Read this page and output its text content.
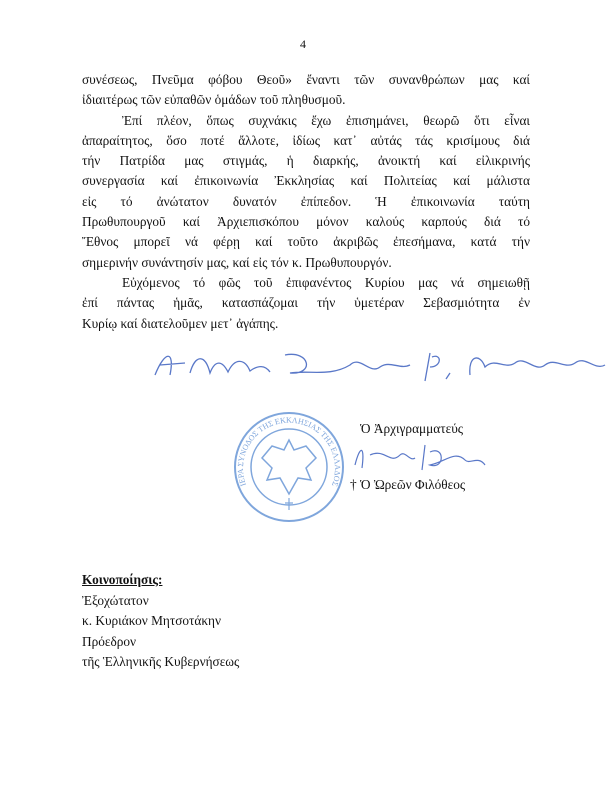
4
συνέσεως, Πνεῦμα φόβου Θεοῦ» ἔναντι τῶν συνανθρώπων μας καί
ἰδιαιτέρως τῶν εὐπαθῶν ὁμάδων τοῦ πληθυσμοῦ.
Ἐπί πλέον, ὅπως συχνάκις ἔχω ἐπισημάνει, θεωρῶ ὅτι εἶναι
ἀπαραίτητος, ὅσο ποτέ ἄλλοτε, ἰδίως κατ᾽ αὐτάς τάς κρισίμους διά
τήν Πατρίδα μας στιγμάς, ἡ διαρκής, ἀνοικτή καί εἰλικρινής
συνεργασία καί ἐπικοινωνία Ἐκκλησίας καί Πολιτείας καί μάλιστα
εἰς τό ἀνώτατον δυνατόν ἐπίπεδον. Ἡ ἐπικοινωνία ταύτη
Πρωθυπουργοῦ καί Ἀρχιεπισκόπου μόνον καλούς καρπούς διά τό
Ἔθνος μπορεῖ νά φέρῃ καί τοῦτο ἀκριβῶς ἐπεσήμανα, κατά τήν
σημερινήν συνάντησίν μας, καί εἰς τόν κ. Πρωθυπουργόν.
Εὐχόμενος τό φῶς τοῦ ἐπιφανέντος Κυρίου μας νά σημειωθῇ
ἐπί πάντας ἡμᾶς, κατασπάζομαι τήν ὑμετέραν Σεβασμιότητα ἐν
Κυρίῳ καί διατελοῦμεν μετ᾽ ἀγάπης.
ΙΕΡΑ ΣΥΝΟΔΟΣ ΤΗΣ ΕΚΚΛΗΣΙΑΣ ΤΗΣ ΕΛΛΑΔΟΣ
Ὁ Ἀρχιγραμματεύς
† Ὁ Ὠρεῶν Φιλόθεος
Κοινοποίησις:
Ἐξοχώτατον
κ. Κυριάκον Μητσοτάκην
Πρόεδρον
τῆς Ἑλληνικῆς Κυβερνήσεως
